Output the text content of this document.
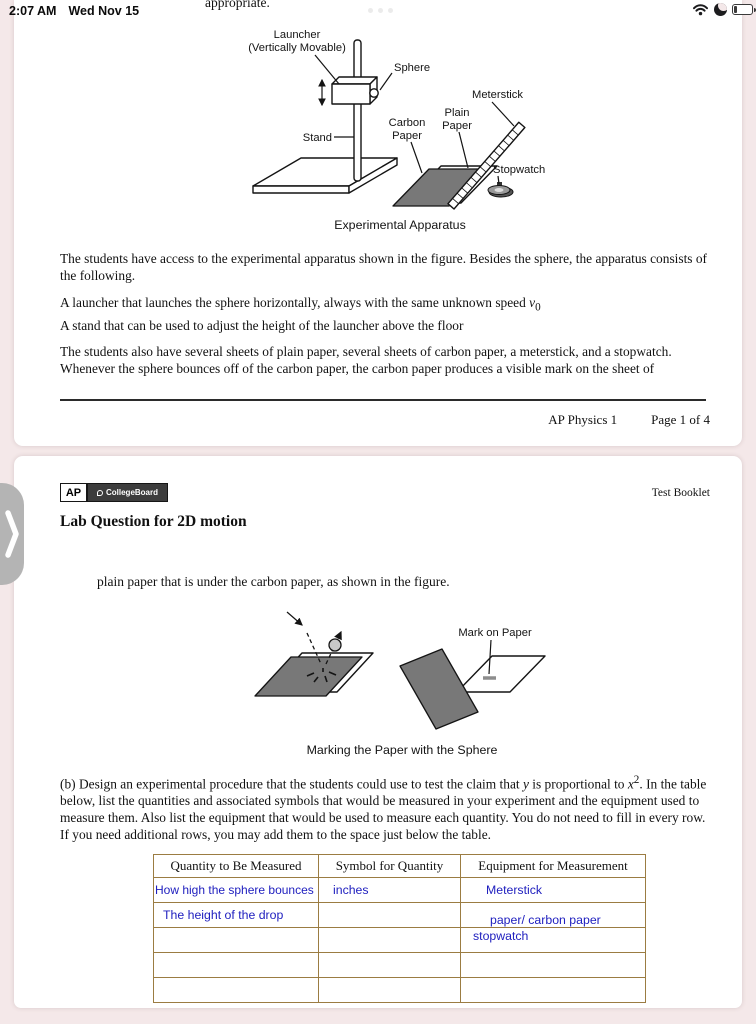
appropriate.
Launcher
(Vertically Movable)
Sphere
Meterstick
Plain
Paper
Carbon
Paper
Stand
Stopwatch
Experimental Apparatus

The students have access to the experimental apparatus shown in the figure. Besides the sphere, the apparatus consists of the following.

A launcher that launches the sphere horizontally, always with the same unknown speed $v_0$
A stand that can be used to adjust the height of the launcher above the floor

The students also have several sheets of plain paper, several sheets of carbon paper, a meterstick, and a stopwatch. Whenever the sphere bounces off of the carbon paper, the carbon paper produces a visible mark on the sheet of

AP Physics 1	Page 1 of 4
AP	CollegeBoard	Test Booklet
Lab Question for 2D motion
plain paper that is under the carbon paper, as shown in the figure.
Mark on Paper
Marking the Paper with the Sphere

(b) Design an experimental procedure that the students could use to test the claim that y is proportional to $x^2$. In the table below, list the quantities and associated symbols that would be measured in your experiment and the equipment used to measure them. Also list the equipment that would be used to measure each quantity. You do not need to fill in every row. If you need additional rows, you may add them to the space just below the table.

Quantity to Be Measured	Symbol for Quantity	Equipment for Measurement
How high the sphere bounces	inches	Meterstick
The height of the drop		paper/ carbon paper
		stopwatch

2:07 AM Wed Nov 15
